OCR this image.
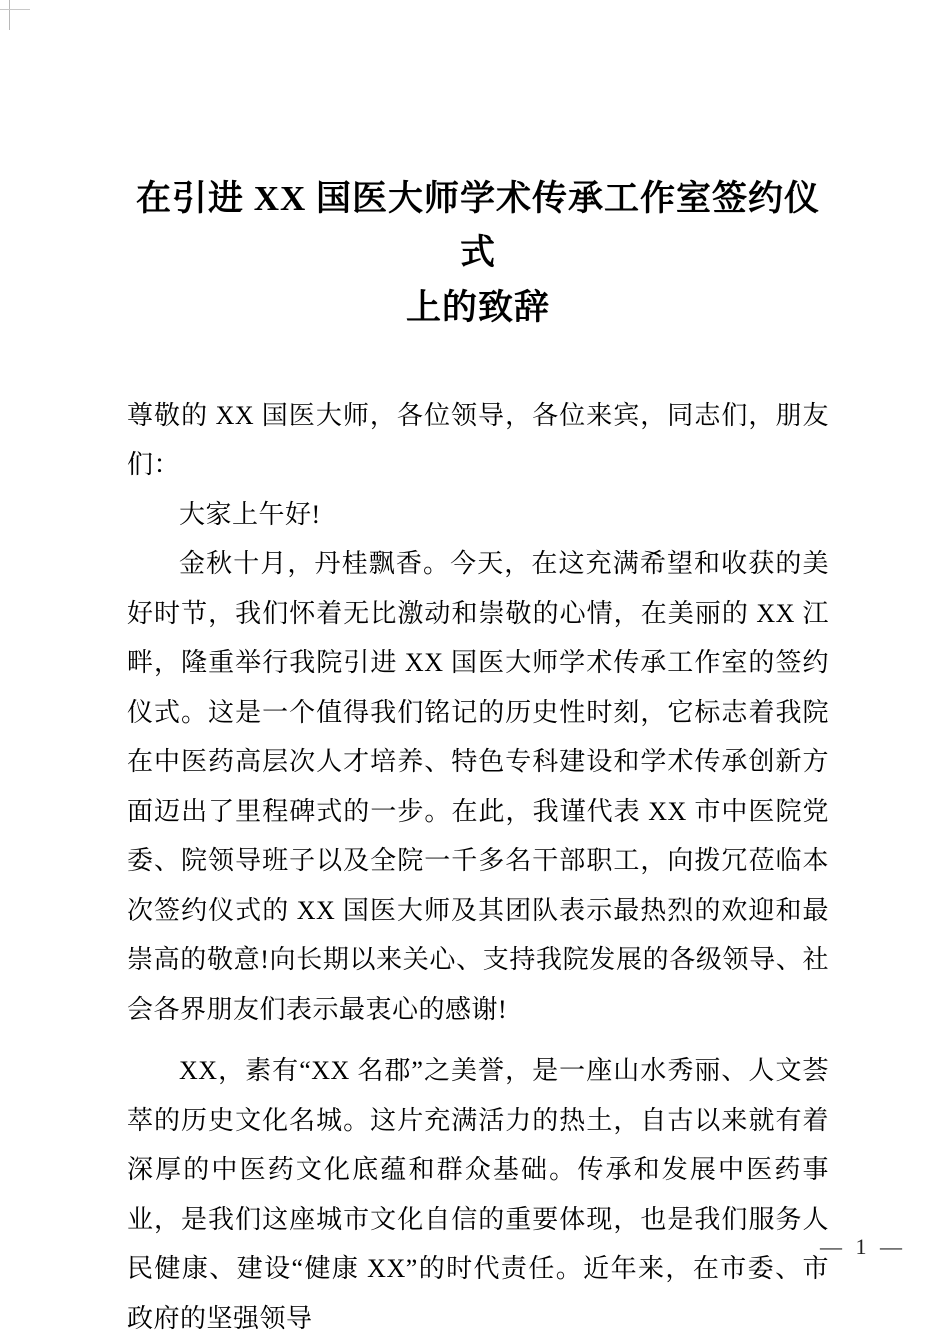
在引进 XX 国医大师学术传承工作室签约仪式
上的致辞

尊敬的 XX 国医大师，各位领导，各位来宾，同志们，朋友们：

大家上午好!

金秋十月，丹桂飘香。今天，在这充满希望和收获的美好时节，我们怀着无比激动和崇敬的心情，在美丽的 XX 江畔，隆重举行我院引进 XX 国医大师学术传承工作室的签约仪式。这是一个值得我们铭记的历史性时刻，它标志着我院在中医药高层次人才培养、特色专科建设和学术传承创新方面迈出了里程碑式的一步。在此，我谨代表 XX 市中医院党委、院领导班子以及全院一千多名干部职工，向拨冗莅临本次签约仪式的 XX 国医大师及其团队表示最热烈的欢迎和最崇高的敬意!向长期以来关心、支持我院发展的各级领导、社会各界朋友们表示最衷心的感谢!

XX，素有“XX 名郡”之美誉，是一座山水秀丽、人文荟萃的历史文化名城。这片充满活力的热土，自古以来就有着深厚的中医药文化底蕴和群众基础。传承和发展中医药事业，是我们这座城市文化自信的重要体现，也是我们服务人民健康、建设“健康 XX”的时代责任。近年来，在市委、市政府的坚强领导

— 1 —
